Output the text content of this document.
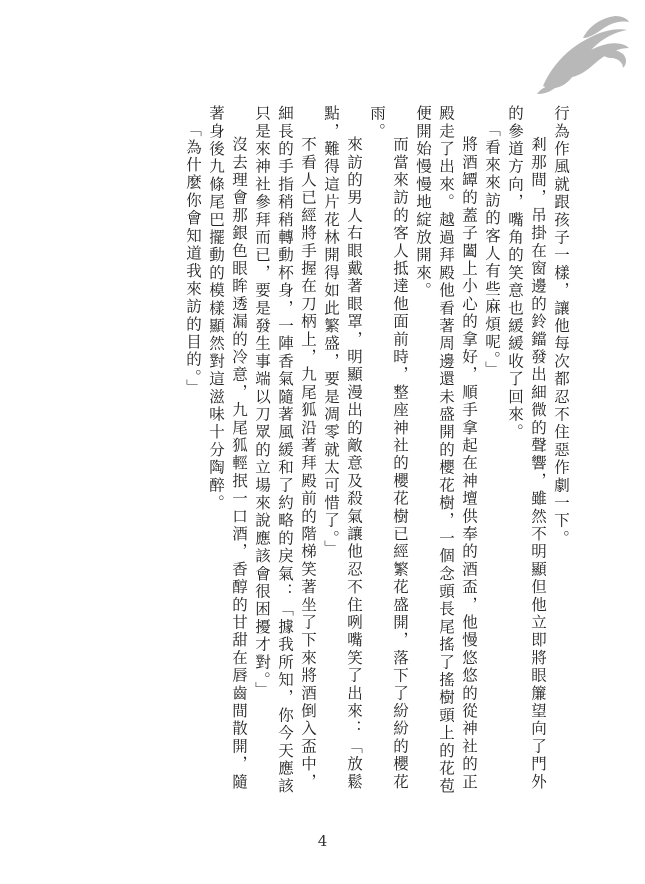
行為作風就跟孩子一樣，讓他每次都忍不住惡作劇一下。

剎那間，吊掛在窗邊的鈴鐺發出細微的聲響，雖然不明顯但他立即將眼簾望向了門外的參道方向，嘴角的笑意也緩緩收了回來。

「看來來訪的客人有些麻煩呢。」

將酒罈的蓋子闔上小心的拿好，順手拿起在神壇供奉的酒盃，他慢悠悠的從神社的正殿走了出來。越過拜殿他看著周邊還未盛開的櫻花樹，一個念頭長尾搖了搖樹頭上的花苞便開始慢慢地綻放開來。

而當來訪的客人抵達他面前時，整座神社的櫻花樹已經繁花盛開，落下了紛紛的櫻花雨。

來訪的男人右眼戴著眼罩，明顯漫出的敵意及殺氣讓他忍不住咧嘴笑了出來：「放鬆點，難得這片花林開得如此繁盛，要是凋零就太可惜了。」

不看人已經將手握在刀柄上，九尾狐沿著拜殿前的階梯笑著坐了下來將酒倒入盃中，細長的手指稍稍轉動杯身，一陣香氣隨著風緩和了約略的戾氣：「據我所知，你今天應該只是來神社參拜而已，要是發生事端以刀眾的立場來說應該會很困擾才對。」

沒去理會那銀色眼眸透漏的冷意，九尾狐輕抿一口酒，香醇的甘甜在唇齒間散開，隨著身後九條尾巴擺動的模樣顯然對這滋味十分陶醉。

「為什麼你會知道我來訪的目的。」

4
